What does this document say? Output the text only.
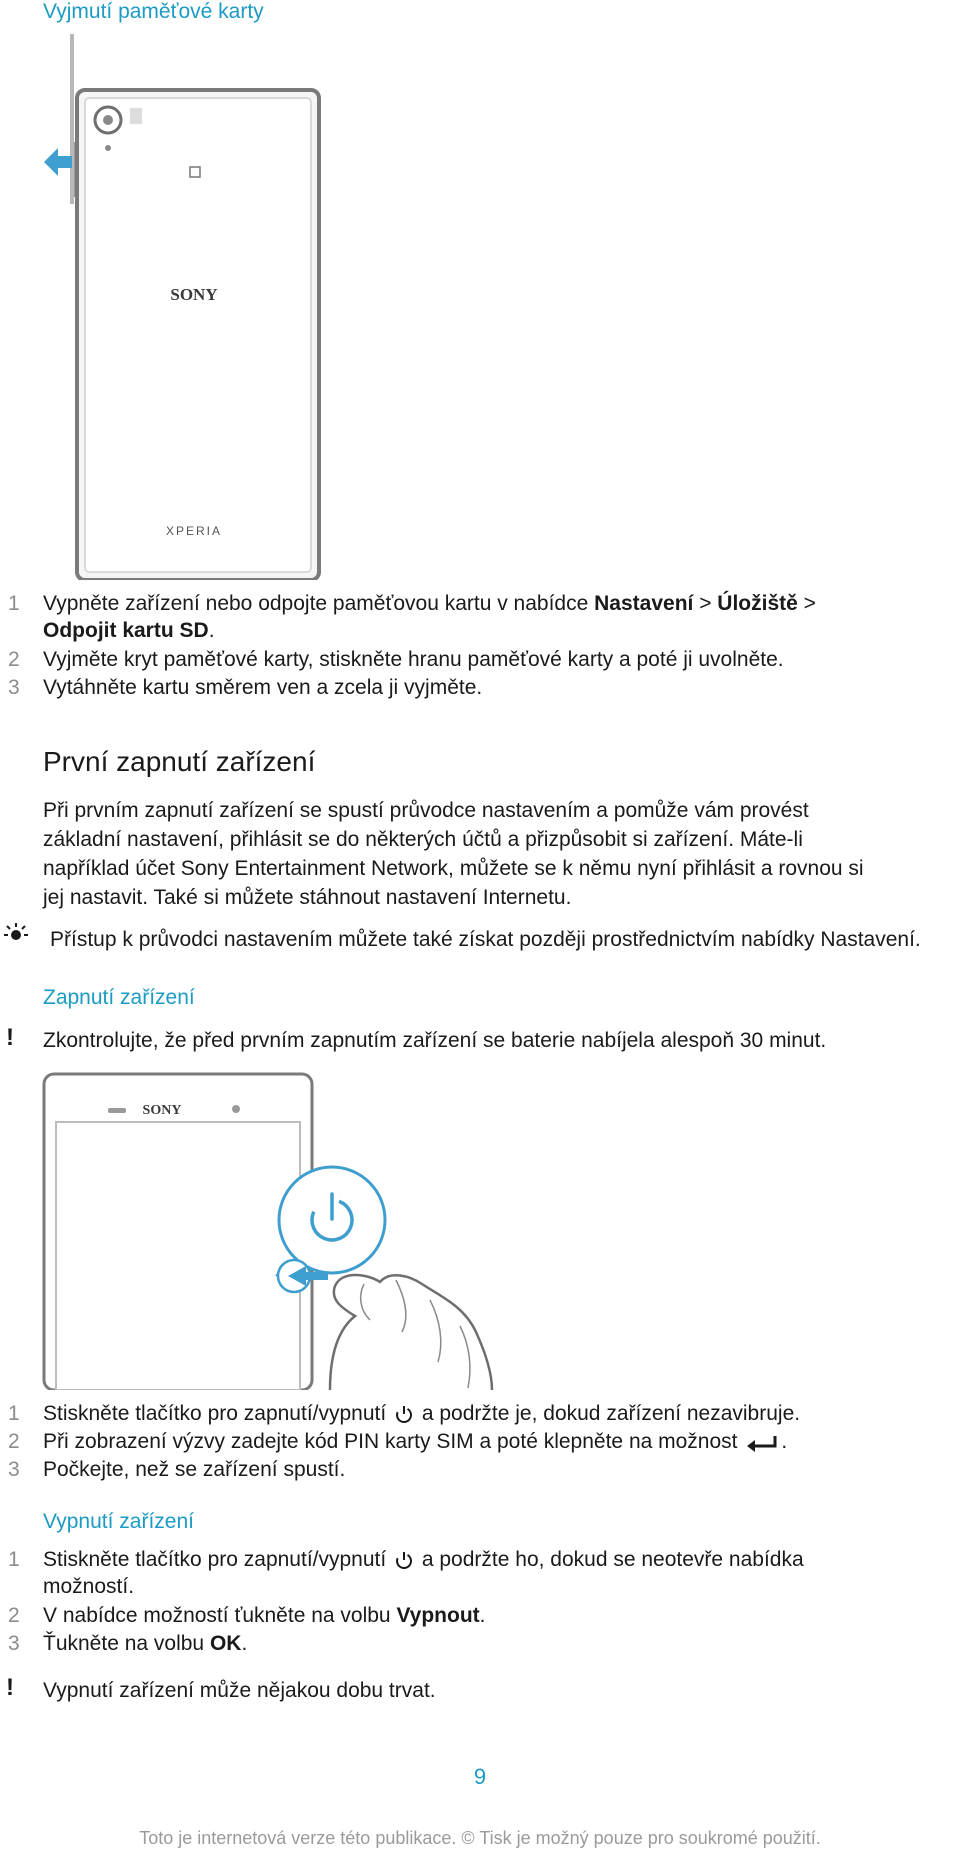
Vyjmutí paměťové karty
SONY
XPERIA
1 Vypněte zařízení nebo odpojte paměťovou kartu v nabídce Nastavení > Úložiště >
Odpojit kartu SD.
2 Vyjměte kryt paměťové karty, stiskněte hranu paměťové karty a poté ji uvolněte.
3 Vytáhněte kartu směrem ven a zcela ji vyjměte.
První zapnutí zařízení
Při prvním zapnutí zařízení se spustí průvodce nastavením a pomůže vám provést
základní nastavení, přihlásit se do některých účtů a přizpůsobit si zařízení. Máte-li
například účet Sony Entertainment Network, můžete se k němu nyní přihlásit a rovnou si
jej nastavit. Také si můžete stáhnout nastavení Internetu.
Přístup k průvodci nastavením můžete také získat později prostřednictvím nabídky Nastavení.
Zapnutí zařízení
! Zkontrolujte, že před prvním zapnutím zařízení se baterie nabíjela alespoň 30 minut.
SONY
1 Stiskněte tlačítko pro zapnutí/vypnutí  a podržte je, dokud zařízení nezavibruje.
2 Při zobrazení výzvy zadejte kód PIN karty SIM a poté klepněte na možnost .
3 Počkejte, než se zařízení spustí.
Vypnutí zařízení
1 Stiskněte tlačítko pro zapnutí/vypnutí  a podržte ho, dokud se neotevře nabídka
možností.
2 V nabídce možností ťukněte na volbu Vypnout.
3 Ťukněte na volbu OK.
! Vypnutí zařízení může nějakou dobu trvat.
9
Toto je internetová verze této publikace. © Tisk je možný pouze pro soukromé použití.
